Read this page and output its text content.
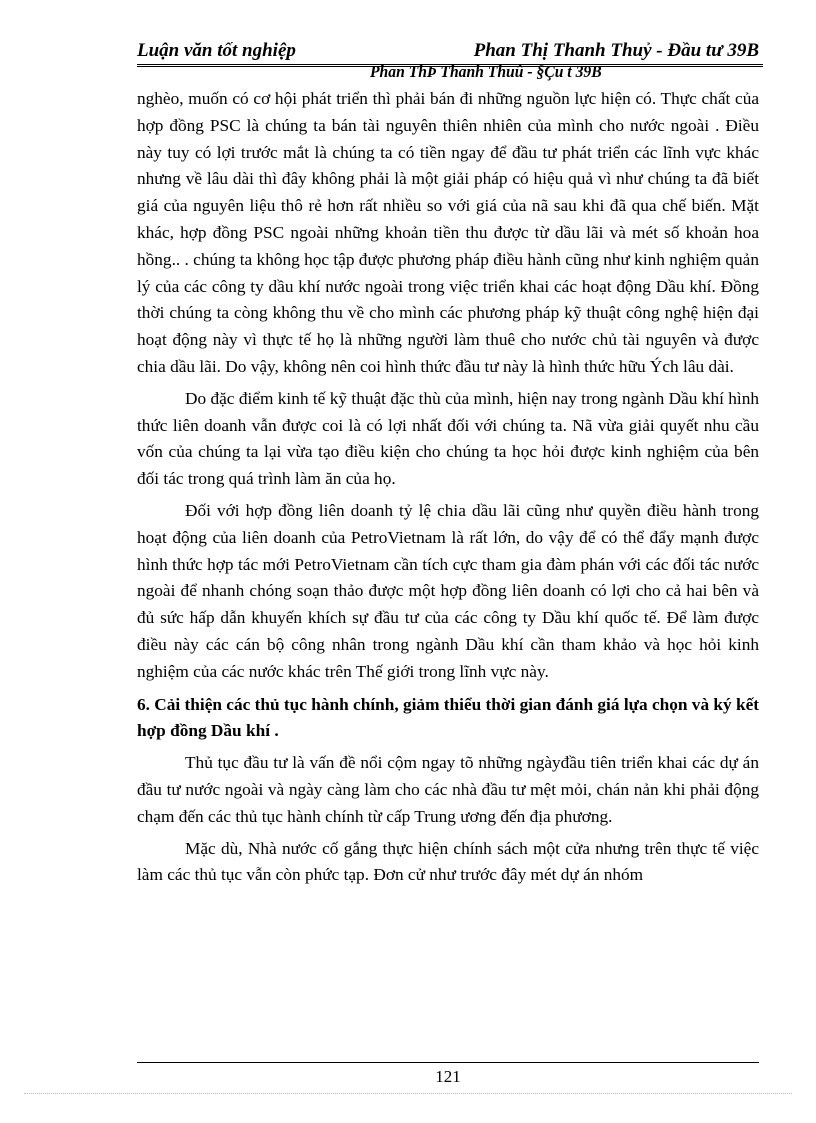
Luận văn tốt nghiệp	Phan Thị Thanh Thuỷ - Đầu tư 39B
Phan ThÞ Thanh Thuû - §Çu t 39B

nghèo, muốn có cơ hội phát triển thì phải bán đi những nguồn lực hiện có. Thực chất của hợp đồng PSC là chúng ta bán tài nguyên thiên nhiên của mình cho nước ngoài . Điều này tuy có lợi trước mắt là chúng ta có tiền ngay để đầu tư phát triển các lĩnh vực khác nhưng về lâu dài thì đây không phải là một giải pháp có hiệu quả vì như chúng ta đã biết giá của nguyên liệu thô rẻ hơn rất nhiều so với giá của nã sau khi đã qua chế biến. Mặt khác, hợp đồng PSC ngoài những khoản tiền thu được từ dầu lãi và mét số khoản hoa hồng.. . chúng ta không học tập được phương pháp điều hành cũng như kinh nghiệm quản lý của các công ty dầu khí nước ngoài trong việc triển khai các hoạt động Dầu khí. Đồng thời chúng ta còng không thu về cho mình các phương pháp kỹ thuật công nghệ hiện đại hoạt động này vì thực tế họ là những người làm thuê cho nước chủ tài nguyên và được chia dầu lãi. Do vậy, không nên coi hình thức đầu tư này là hình thức hữu Ých lâu dài.

Do đặc điểm kinh tế kỹ thuật đặc thù của mình, hiện nay trong ngành Dầu khí hình thức liên doanh vẫn được coi là có lợi nhất đối với chúng ta. Nã vừa giải quyết nhu cầu vốn của chúng ta lại vừa tạo điều kiện cho chúng ta học hỏi được kinh nghiệm của bên đối tác trong quá trình làm ăn của họ.

Đối với hợp đồng liên doanh tỷ lệ chia dầu lãi cũng như quyền điều hành trong hoạt động của liên doanh của PetroVietnam là rất lớn, do vậy để có thể đẩy mạnh được hình thức hợp tác mới PetroVietnam cần tích cực tham gia đàm phán với các đối tác nước ngoài để nhanh chóng soạn thảo được một hợp đồng liên doanh có lợi cho cả hai bên và đủ sức hấp dẫn khuyến khích sự đầu tư của các công ty Dầu khí quốc tế. Để làm được điều này các cán bộ công nhân trong ngành Dầu khí cần tham khảo và học hỏi kinh nghiệm của các nước khác trên Thế giới trong lĩnh vực này.

6. Cải thiện các thủ tục hành chính, giảm thiểu thời gian đánh giá lựa chọn và ký kết hợp đồng Dầu khí .

Thủ tục đầu tư là vấn đề nổi cộm ngay tõ những ngàyđầu tiên triển khai các dự án đầu tư nước ngoài và ngày càng làm cho các nhà đầu tư mệt mỏi, chán nản khi phải động chạm đến các thủ tục hành chính từ cấp Trung ương đến địa phương.

Mặc dù, Nhà nước cố gắng thực hiện chính sách một cửa nhưng trên thực tế việc làm các thủ tục vẫn còn phức tạp. Đơn cử như trước đây mét dự án nhóm

121
